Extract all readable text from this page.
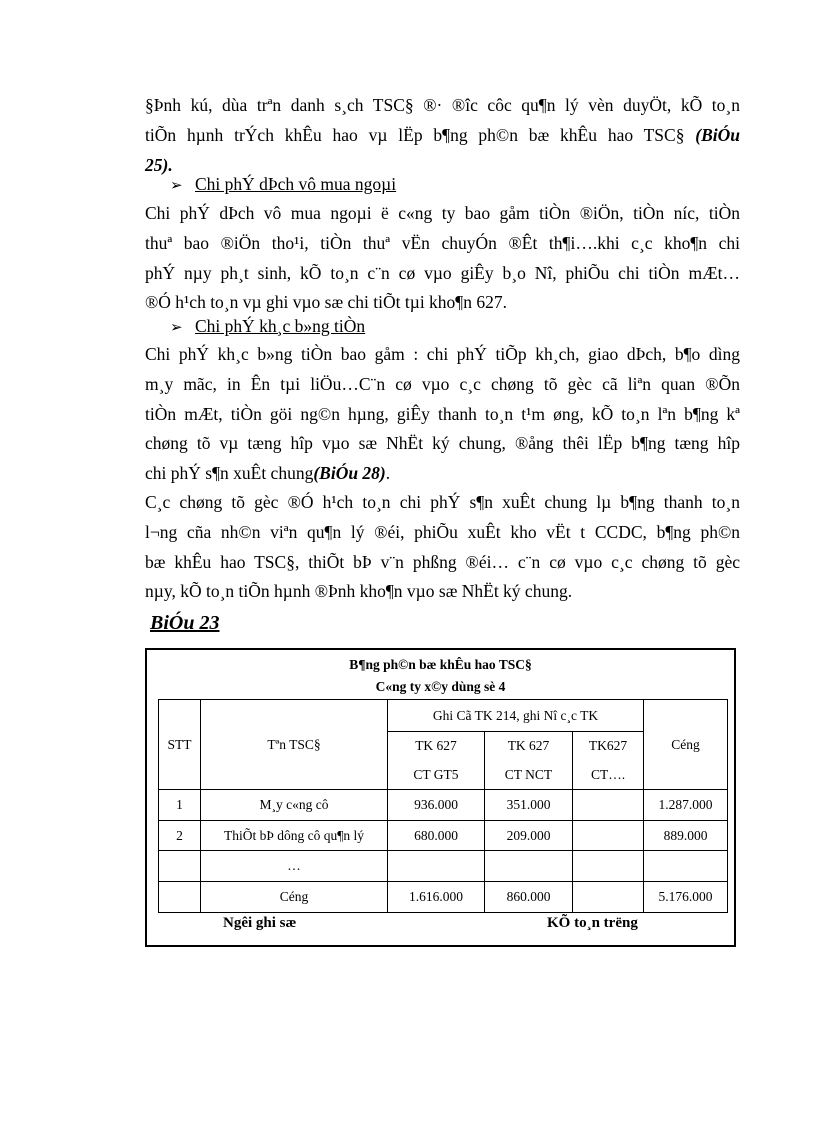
§Þnh kú, dùa trªn danh s¸ch TSC§ ®· ®îc côc qu¶n lý vèn duyÖt, kÕ to¸n
tiÕn hµnh trÝch khÊu hao vµ lËp b¶ng ph©n bæ khÊu hao TSC§ (BiÓu
25).
➢ Chi phÝ dÞch vô mua ngoµi
Chi phÝ dÞch vô mua ngoµi ë c«ng ty bao gåm tiÒn ®iÖn, tiÒn níc, tiÒn
thuª bao ®iÖn tho¹i, tiÒn thuª vËn chuyÓn ®Êt th¶i….khi c¸c kho¶n chi
phÝ nµy ph¸t sinh, kÕ to¸n c¨n cø vµo giÊy b¸o Nî, phiÕu chi tiÒn mÆt…
®Ó h¹ch to¸n vµ ghi vµo sæ chi tiÕt tµi kho¶n 627.
➢ Chi phÝ kh¸c b»ng tiÒn
Chi phÝ kh¸c b»ng tiÒn bao gåm : chi phÝ tiÕp kh¸ch, giao dÞch, b¶o dìng
m¸y mãc, in Ên tµi liÖu…C¨n cø vµo c¸c chøng tõ gèc cã liªn quan ®Õn
tiÒn mÆt, tiÒn göi ng©n hµng, giÊy thanh to¸n t¹m øng, kÕ to¸n lªn b¶ng kª
chøng tõ vµ tæng hîp vµo sæ NhËt ký chung, ®ång thêi lËp b¶ng tæng hîp
chi phÝ s¶n xuÊt chung(BiÓu 28).
C¸c chøng tõ gèc ®Ó h¹ch to¸n chi phÝ s¶n xuÊt chung lµ b¶ng thanh to¸n
l¬ng cña nh©n viªn qu¶n lý ®éi, phiÕu xuÊt kho vËt t CCDC, b¶ng ph©n
bæ khÊu hao TSC§, thiÕt bÞ v¨n phßng ®éi… c¨n cø vµo c¸c chøng tõ gèc
nµy, kÕ to¸n tiÕn hµnh ®Þnh kho¶n vµo sæ NhËt ký chung.

BiÓu 23

B¶ng ph©n bæ khÊu hao TSC§
C«ng ty x©y dùng sè 4
STT	Tªn TSC§	Ghi Cã TK 214, ghi Nî c¸c TK			Céng
		TK 627	TK 627	TK627	
		CT GT5	CT NCT	CT….	
1	M¸y c«ng cô	936.000	351.000		1.287.000
2	ThiÕt bÞ dông cô qu¶n lý	680.000	209.000		889.000
	…				
	Céng	1.616.000	860.000		5.176.000
Ngêi ghi sæ	KÕ to¸n trëng
